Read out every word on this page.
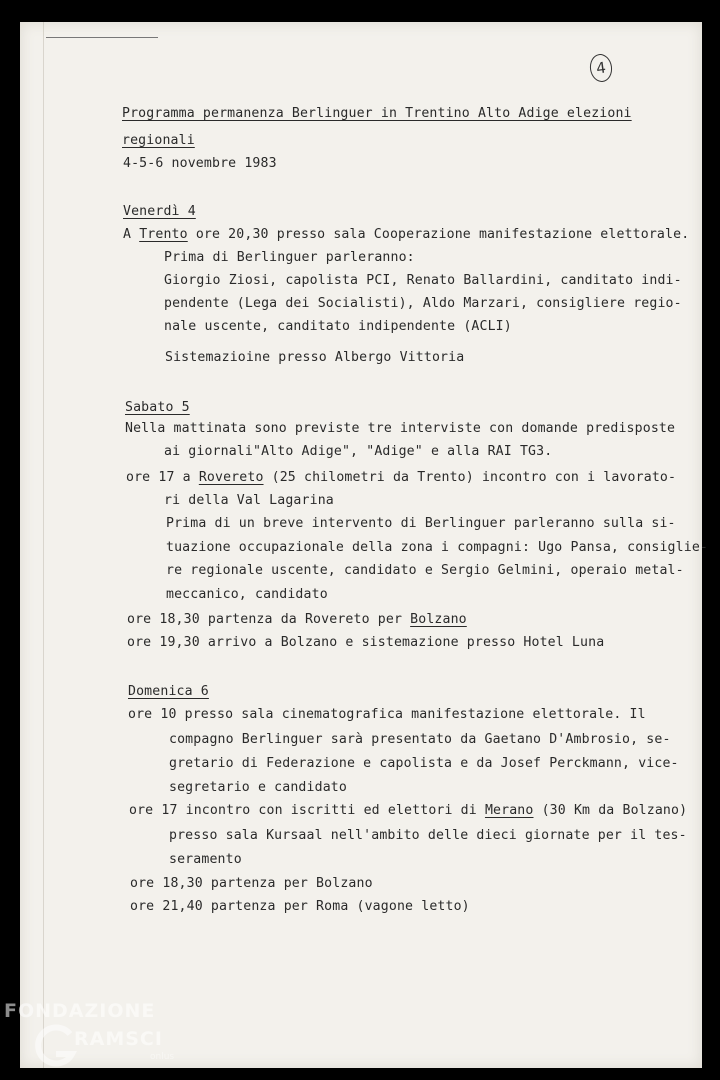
4
Programma permanenza Berlinguer in Trentino Alto Adige elezioni
regionali
4-5-6 novembre 1983
Venerdì 4
A Trento ore 20,30 presso sala Cooperazione manifestazione elettorale.
Prima di Berlinguer parleranno:
Giorgio Ziosi, capolista PCI, Renato Ballardini, canditato indi-
pendente (Lega dei Socialisti), Aldo Marzari, consigliere regio-
nale uscente, canditato indipendente (ACLI)
Sistemazioine presso Albergo Vittoria
Sabato 5
Nella mattinata sono previste tre interviste con domande predisposte
ai giornali"Alto Adige", "Adige" e alla RAI TG3.
ore 17 a Rovereto (25 chilometri da Trento) incontro con i lavorato-
ri della Val Lagarina
Prima di un breve intervento di Berlinguer parleranno sulla si-
tuazione occupazionale della zona i compagni: Ugo Pansa, consiglie-
re regionale uscente, candidato e Sergio Gelmini, operaio metal-
meccanico, candidato
ore 18,30 partenza da Rovereto per Bolzano
ore 19,30 arrivo a Bolzano e sistemazione presso Hotel Luna
Domenica 6
ore 10 presso sala cinematografica manifestazione elettorale. Il
compagno Berlinguer sarà presentato da Gaetano D'Ambrosio, se-
gretario di Federazione e capolista e da Josef Perckmann, vice-
segretario e candidato
ore 17 incontro con iscritti ed elettori di Merano (30 Km da Bolzano)
presso sala Kursaal nell'ambito delle dieci giornate per il tes-
seramento
ore 18,30 partenza per Bolzano
ore 21,40 partenza per Roma (vagone letto)
FONDAZIONE
RAMSCI
onlus
